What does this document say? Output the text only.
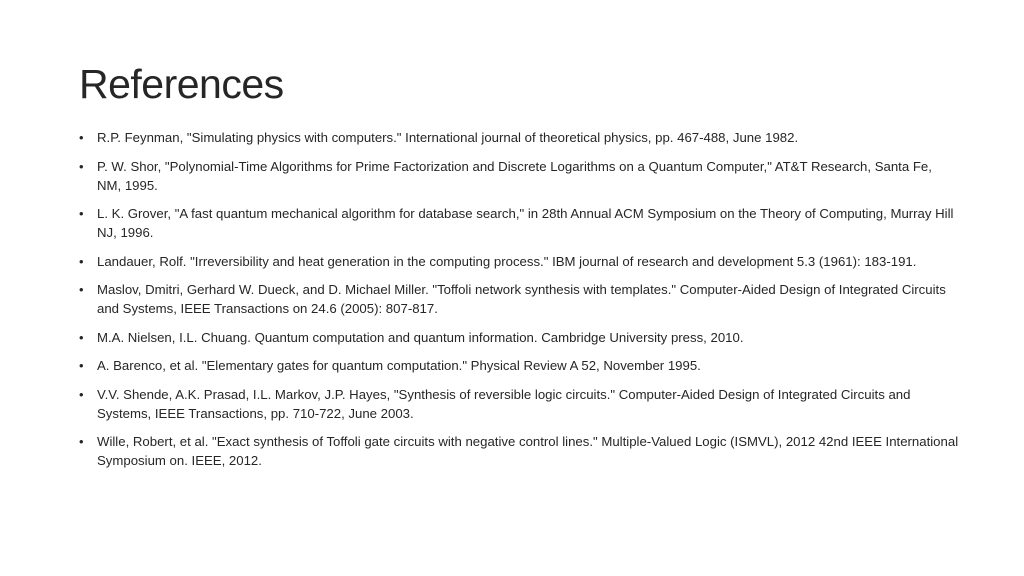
References
•	R.P. Feynman, "Simulating physics with computers." International journal of theoretical physics, pp. 467-488, June 1982.
•	P. W. Shor, "Polynomial-Time Algorithms for Prime Factorization and Discrete Logarithms on a Quantum Computer," AT&T Research, Santa Fe, NM, 1995.
•	L. K. Grover, "A fast quantum mechanical algorithm for database search," in 28th Annual ACM Symposium on the Theory of Computing, Murray Hill NJ, 1996.
•	Landauer, Rolf. "Irreversibility and heat generation in the computing process." IBM journal of research and development 5.3 (1961): 183-191.
•	Maslov, Dmitri, Gerhard W. Dueck, and D. Michael Miller. "Toffoli network synthesis with templates." Computer-Aided Design of Integrated Circuits and Systems, IEEE Transactions on 24.6 (2005): 807-817.
•	M.A. Nielsen, I.L. Chuang. Quantum computation and quantum information. Cambridge University press, 2010.
•	A. Barenco, et al. "Elementary gates for quantum computation." Physical Review A 52, November 1995.
•	V.V. Shende, A.K. Prasad, I.L. Markov, J.P. Hayes, "Synthesis of reversible logic circuits." Computer-Aided Design of Integrated Circuits and Systems, IEEE Transactions, pp. 710-722, June 2003.
•	Wille, Robert, et al. "Exact synthesis of Toffoli gate circuits with negative control lines." Multiple-Valued Logic (ISMVL), 2012 42nd IEEE International Symposium on. IEEE, 2012.
